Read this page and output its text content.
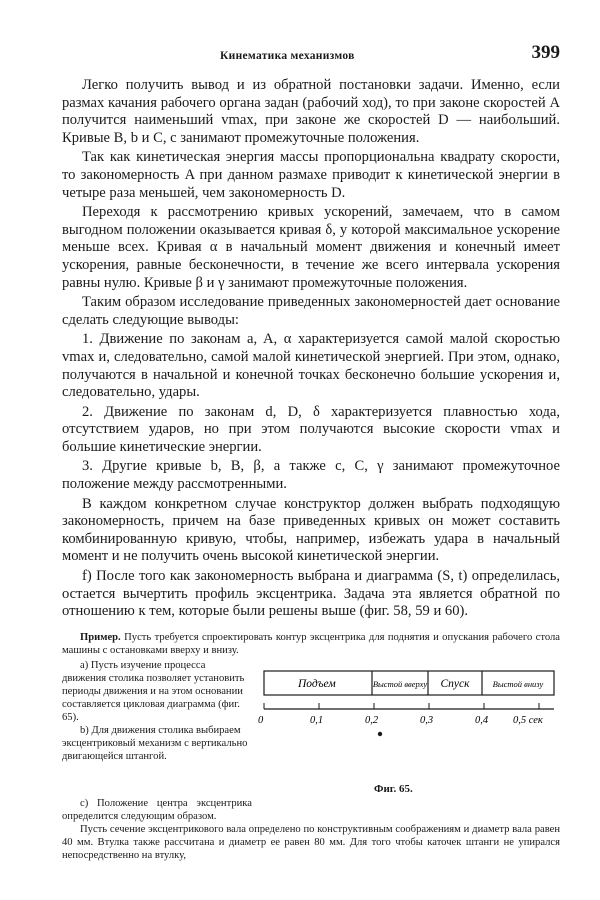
Кинематика механизмов	399

Легко получить вывод и из обратной постановки задачи. Именно, если размах качания рабочего органа задан (рабочий ход), то при законе скоростей A получится наименьший vmax, при законе же скоростей D — наибольший. Кривые B, b и C, c занимают промежуточные положения.

Так как кинетическая энергия массы пропорциональна квадрату скорости, то закономерность A при данном размахе приводит к кинетической энергии в четыре раза меньшей, чем закономерность D.

Переходя к рассмотрению кривых ускорений, замечаем, что в самом выгодном положении оказывается кривая δ, у которой максимальное ускорение меньше всех. Кривая α в начальный момент движения и конечный имеет ускорения, равные бесконечности, в течение же всего интервала ускорения равны нулю. Кривые β и γ занимают промежуточные положения.

Таким образом исследование приведенных закономерностей дает основание сделать следующие выводы:

1. Движение по законам a, A, α характеризуется самой малой скоростью vmax и, следовательно, самой малой кинетической энергией. При этом, однако, получаются в начальной и конечной точках бесконечно большие ускорения и, следовательно, удары.

2. Движение по законам d, D, δ характеризуется плавностью хода, отсутствием ударов, но при этом получаются высокие скорости vmax и большие кинетические энергии.

3. Другие кривые b, B, β, а также c, C, γ занимают промежуточное положение между рассмотренными.

В каждом конкретном случае конструктор должен выбрать подходящую закономерность, причем на базе приведенных кривых он может составить комбинированную кривую, чтобы, например, избежать удара в начальный момент и не получить очень высокой кинетической энергии.

f) После того как закономерность выбрана и диаграмма (S, t) определилась, остается вычертить профиль эксцентрика. Задача эта является обратной по отношению к тем, которые были решены выше (фиг. 58, 59 и 60).

Пример. Пусть требуется спроектировать контур эксцентрика для поднятия и опускания рабочего стола машины с остановками вверху и внизу.

a) Пусть изучение процесса движения столика позволяет установить периоды движения и на этом основании составляется цикловая диаграмма (фиг. 65).

b) Для движения столика выбираем эксцентриковый механизм с вертикально двигающейся штангой.

Подъем	Выстой вверху Спуск	Выстой внизу
0	0,1	0,2	0,3	0,4 0,5 сек
Фиг. 65.

c) Положение центра эксцентрика определится следующим образом.

Пусть сечение эксцентрикового вала определено по конструктивным соображениям и диаметр вала равен 40 мм. Втулка также рассчитана и диаметр ее равен 80 мм. Для того чтобы каточек штанги не упирался непосредственно на втулку,
